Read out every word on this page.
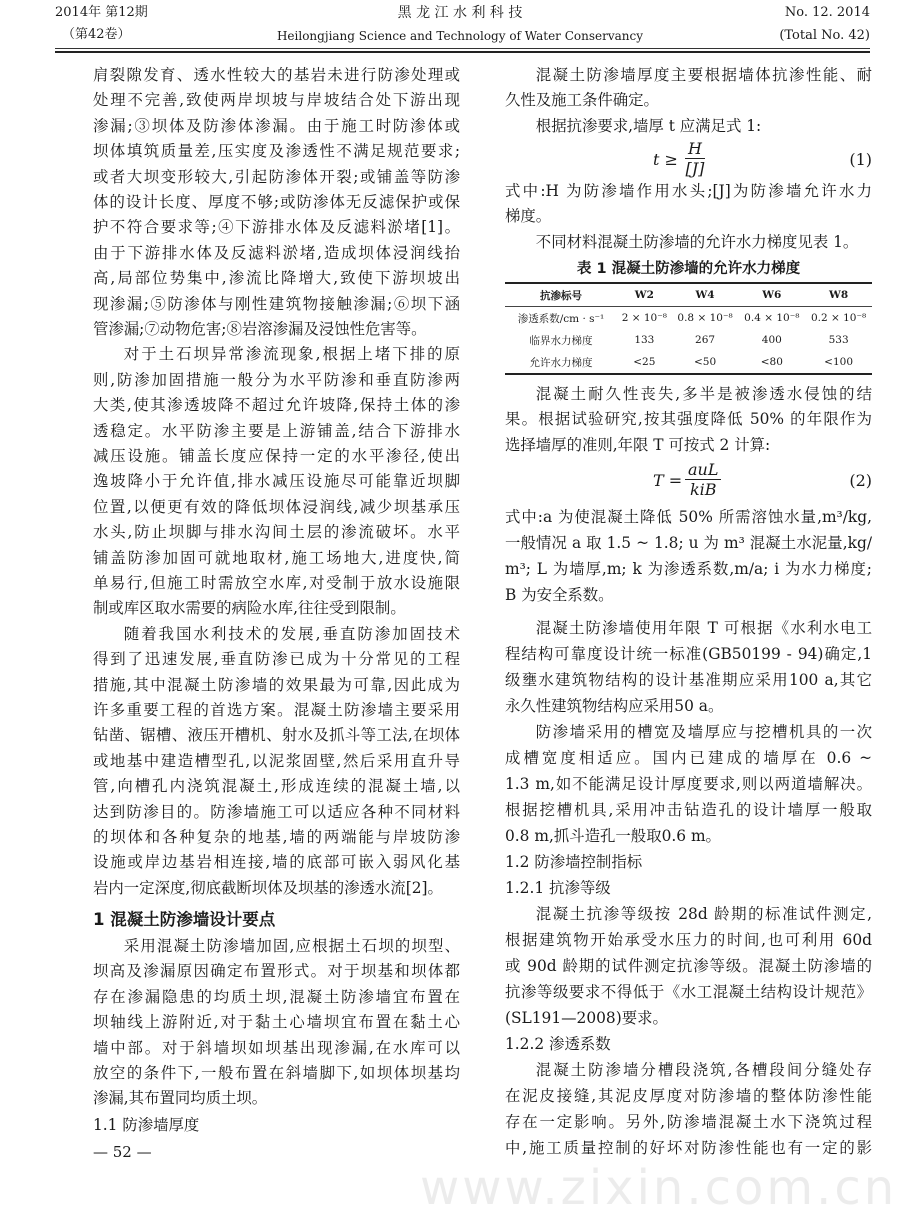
2014年 第12期
（第42卷）
黑 龙 江 水 利 科 技
Heilongjiang Science and Technology of Water Conservancy
No. 12. 2014
(Total No. 42)
肩裂隙发育、透水性较大的基岩未进行防渗处理或
处理不完善,致使两岸坝坡与岸坡结合处下游出现
渗漏;③坝体及防渗体渗漏。由于施工时防渗体或
坝体填筑质量差,压实度及渗透性不满足规范要求;
或者大坝变形较大,引起防渗体开裂;或铺盖等防渗
体的设计长度、厚度不够;或防渗体无反滤保护或保
护不符合要求等;④下游排水体及反滤料淤堵[1]。
由于下游排水体及反滤料淤堵,造成坝体浸润线抬
高,局部位势集中,渗流比降增大,致使下游坝坡出
现渗漏;⑤防渗体与刚性建筑物接触渗漏;⑥坝下涵
管渗漏;⑦动物危害;⑧岩溶渗漏及浸蚀性危害等。
对于土石坝异常渗流现象,根据上堵下排的原
则,防渗加固措施一般分为水平防渗和垂直防渗两
大类,使其渗透坡降不超过允许坡降,保持土体的渗
透稳定。水平防渗主要是上游铺盖,结合下游排水
减压设施。铺盖长度应保持一定的水平渗径,使出
逸坡降小于允许值,排水减压设施尽可能靠近坝脚
位置,以便更有效的降低坝体浸润线,减少坝基承压
水头,防止坝脚与排水沟间土层的渗流破坏。水平
铺盖防渗加固可就地取材,施工场地大,进度快,简
单易行,但施工时需放空水库,对受制于放水设施限
制或库区取水需要的病险水库,往往受到限制。
随着我国水利技术的发展,垂直防渗加固技术
得到了迅速发展,垂直防渗已成为十分常见的工程
措施,其中混凝土防渗墙的效果最为可靠,因此成为
许多重要工程的首选方案。混凝土防渗墙主要采用
钻凿、锯槽、液压开槽机、射水及抓斗等工法,在坝体
或地基中建造槽型孔,以泥浆固壁,然后采用直升导
管,向槽孔内浇筑混凝土,形成连续的混凝土墙,以
达到防渗目的。防渗墙施工可以适应各种不同材料
的坝体和各种复杂的地基,墙的两端能与岸坡防渗
设施或岸边基岩相连接,墙的底部可嵌入弱风化基
岩内一定深度,彻底截断坝体及坝基的渗透水流[2]。
1 混凝土防渗墙设计要点
采用混凝土防渗墙加固,应根据土石坝的坝型、
坝高及渗漏原因确定布置形式。对于坝基和坝体都
存在渗漏隐患的均质土坝,混凝土防渗墙宜布置在
坝轴线上游附近,对于黏土心墙坝宜布置在黏土心
墙中部。对于斜墙坝如坝基出现渗漏,在水库可以
放空的条件下,一般布置在斜墙脚下,如坝体坝基均
渗漏,其布置同均质土坝。
1.1 防渗墙厚度
混凝土防渗墙厚度主要根据墙体抗渗性能、耐
久性及施工条件确定。
根据抗渗要求,墙厚 t 应满足式 1:
$t \ge \frac{H}{[J]}$	(1)
式中:H 为防渗墙作用水头;[J]为防渗墙允许水力
梯度。
不同材料混凝土防渗墙的允许水力梯度见表 1。
表 1 混凝土防渗墙的允许水力梯度
抗渗标号	W2	W4	W6	W8
渗透系数/cm · s⁻¹	2 × 10⁻⁸	0.8 × 10⁻⁸	0.4 × 10⁻⁸	0.2 × 10⁻⁸
临界水力梯度	133	267	400	533
允许水力梯度	<25	<50	<80	<100
混凝土耐久性丧失,多半是被渗透水侵蚀的结
果。根据试验研究,按其强度降低 50% 的年限作为
选择墙厚的准则,年限 T 可按式 2 计算:
T =
auL
kiB	(2)
式中:a 为使混凝土降低 50% 所需溶蚀水量,m³/kg,
一般情况 a 取 1.5 ~ 1.8; u 为 m³ 混凝土水泥量,kg/
m³; L 为墙厚,m; k 为渗透系数,m/a; i 为水力梯度;
B 为安全系数。
混凝土防渗墙使用年限 T 可根据《水利水电工
程结构可靠度设计统一标准(GB50199 - 94)确定,1
级壅水建筑物结构的设计基准期应采用100 a,其它
永久性建筑物结构应采用50 a。
防渗墙采用的槽宽及墙厚应与挖槽机具的一次
成槽宽度相适应。国内已建成的墙厚在 0.6 ~
1.3 m,如不能满足设计厚度要求,则以两道墙解决。
根据挖槽机具,采用冲击钻造孔的设计墙厚一般取
0.8 m,抓斗造孔一般取0.6 m。
1.2 防渗墙控制指标
1.2.1 抗渗等级
混凝土抗渗等级按 28d 龄期的标准试件测定,
根据建筑物开始承受水压力的时间,也可利用 60d
或 90d 龄期的试件测定抗渗等级。混凝土防渗墙的
抗渗等级要求不得低于《水工混凝土结构设计规范》
(SL191—2008)要求。
1.2.2 渗透系数
混凝土防渗墙分槽段浇筑,各槽段间分缝处存
在泥皮接缝,其泥皮厚度对防渗墙的整体防渗性能
存在一定影响。另外,防渗墙混凝土水下浇筑过程
中,施工质量控制的好坏对防渗性能也有一定的影
— 52 —
www.zixin.com.cn
